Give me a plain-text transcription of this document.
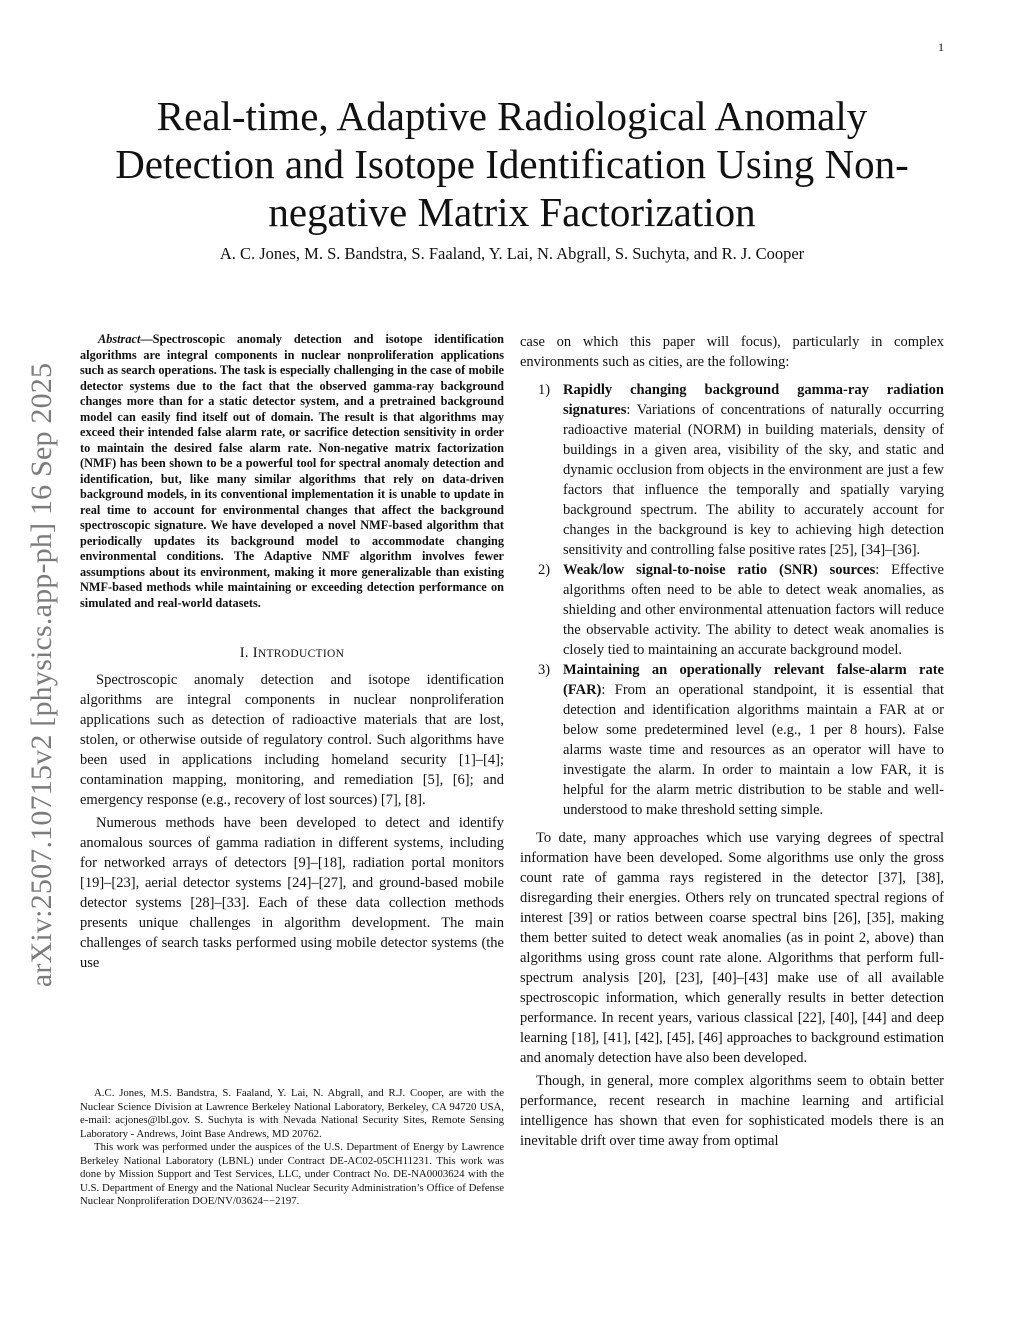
1
arXiv:2507.10715v2 [physics.app-ph] 16 Sep 2025
Real-time, Adaptive Radiological Anomaly Detection and Isotope Identification Using Non-negative Matrix Factorization
A. C. Jones, M. S. Bandstra, S. Faaland, Y. Lai, N. Abgrall, S. Suchyta, and R. J. Cooper

Abstract—Spectroscopic anomaly detection and isotope identification algorithms are integral components in nuclear nonproliferation applications such as search operations. The task is especially challenging in the case of mobile detector systems due to the fact that the observed gamma-ray background changes more than for a static detector system, and a pretrained background model can easily find itself out of domain. The result is that algorithms may exceed their intended false alarm rate, or sacrifice detection sensitivity in order to maintain the desired false alarm rate. Non-negative matrix factorization (NMF) has been shown to be a powerful tool for spectral anomaly detection and identification, but, like many similar algorithms that rely on data-driven background models, in its conventional implementation it is unable to update in real time to account for environmental changes that affect the background spectroscopic signature. We have developed a novel NMF-based algorithm that periodically updates its background model to accommodate changing environmental conditions. The Adaptive NMF algorithm involves fewer assumptions about its environment, making it more generalizable than existing NMF-based methods while maintaining or exceeding detection performance on simulated and real-world datasets.

I. INTRODUCTION

Spectroscopic anomaly detection and isotope identification algorithms are integral components in nuclear nonproliferation applications such as detection of radioactive materials that are lost, stolen, or otherwise outside of regulatory control. Such algorithms have been used in applications including homeland security [1]–[4]; contamination mapping, monitoring, and remediation [5], [6]; and emergency response (e.g., recovery of lost sources) [7], [8].

Numerous methods have been developed to detect and identify anomalous sources of gamma radiation in different systems, including for networked arrays of detectors [9]–[18], radiation portal monitors [19]–[23], aerial detector systems [24]–[27], and ground-based mobile detector systems [28]–[33]. Each of these data collection methods presents unique challenges in algorithm development. The main challenges of search tasks performed using mobile detector systems (the use

A.C. Jones, M.S. Bandstra, S. Faaland, Y. Lai, N. Abgrall, and R.J. Cooper, are with the Nuclear Science Division at Lawrence Berkeley National Laboratory, Berkeley, CA 94720 USA, e-mail: acjones@lbl.gov. S. Suchyta is with Nevada National Security Sites, Remote Sensing Laboratory - Andrews, Joint Base Andrews, MD 20762.

This work was performed under the auspices of the U.S. Department of Energy by Lawrence Berkeley National Laboratory (LBNL) under Contract DE-AC02-05CH11231. This work was done by Mission Support and Test Services, LLC, under Contract No. DE-NA0003624 with the U.S. Department of Energy and the National Nuclear Security Administration’s Office of Defense Nuclear Nonproliferation DOE/NV/03624−−2197.

case on which this paper will focus), particularly in complex environments such as cities, are the following:

1) Rapidly changing background gamma-ray radiation signatures: Variations of concentrations of naturally occurring radioactive material (NORM) in building materials, density of buildings in a given area, visibility of the sky, and static and dynamic occlusion from objects in the environment are just a few factors that influence the temporally and spatially varying background spectrum. The ability to accurately account for changes in the background is key to achieving high detection sensitivity and controlling false positive rates [25], [34]–[36].
2) Weak/low signal-to-noise ratio (SNR) sources: Effective algorithms often need to be able to detect weak anomalies, as shielding and other environmental attenuation factors will reduce the observable activity. The ability to detect weak anomalies is closely tied to maintaining an accurate background model.
3) Maintaining an operationally relevant false-alarm rate (FAR): From an operational standpoint, it is essential that detection and identification algorithms maintain a FAR at or below some predetermined level (e.g., 1 per 8 hours). False alarms waste time and resources as an operator will have to investigate the alarm. In order to maintain a low FAR, it is helpful for the alarm metric distribution to be stable and well-understood to make threshold setting simple.

To date, many approaches which use varying degrees of spectral information have been developed. Some algorithms use only the gross count rate of gamma rays registered in the detector [37], [38], disregarding their energies. Others rely on truncated spectral regions of interest [39] or ratios between coarse spectral bins [26], [35], making them better suited to detect weak anomalies (as in point 2, above) than algorithms using gross count rate alone. Algorithms that perform full-spectrum analysis [20], [23], [40]–[43] make use of all available spectroscopic information, which generally results in better detection performance. In recent years, various classical [22], [40], [44] and deep learning [18], [41], [42], [45], [46] approaches to background estimation and anomaly detection have also been developed.

Though, in general, more complex algorithms seem to obtain better performance, recent research in machine learning and artificial intelligence has shown that even for sophisticated models there is an inevitable drift over time away from optimal
